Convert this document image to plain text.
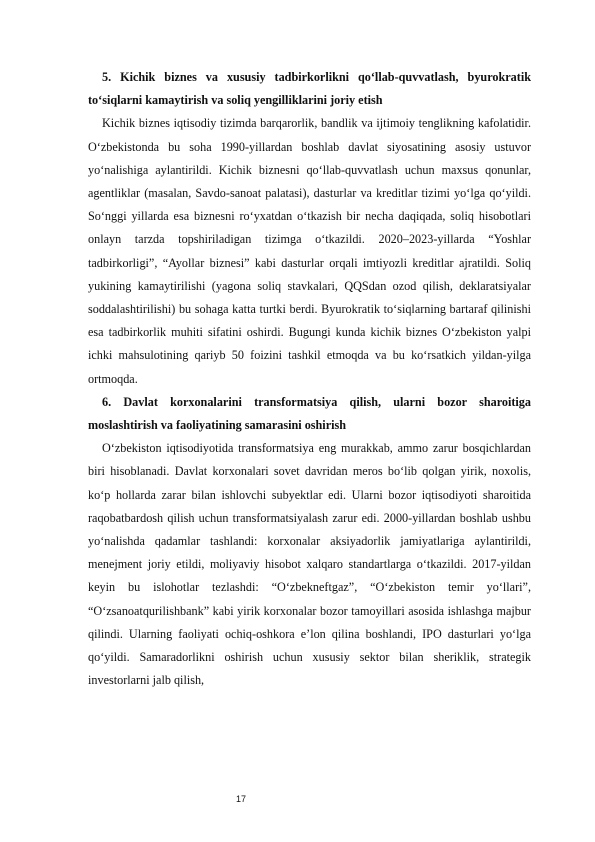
5. Kichik biznes va xususiy tadbirkorlikni qo‘llab-quvvatlash, byurokratik to‘siqlarni kamaytirish va soliq yengilliklarini joriy etish

Kichik biznes iqtisodiy tizimda barqarorlik, bandlik va ijtimoiy tenglikning kafolatidir. O‘zbekistonda bu soha 1990-yillardan boshlab davlat siyosatining asosiy ustuvor yo‘nalishiga aylantirildi. Kichik biznesni qo‘llab-quvvatlash uchun maxsus qonunlar, agentliklar (masalan, Savdo-sanoat palatasi), dasturlar va kreditlar tizimi yo‘lga qo‘yildi. So‘nggi yillarda esa biznesni ro‘yxatdan o‘tkazish bir necha daqiqada, soliq hisobotlari onlayn tarzda topshiriladigan tizimga o‘tkazildi. 2020–2023-yillarda “Yoshlar tadbirkorligi”, “Ayollar biznesi” kabi dasturlar orqali imtiyozli kreditlar ajratildi. Soliq yukining kamaytirilishi (yagona soliq stavkalari, QQSdan ozod qilish, deklaratsiyalar soddalashtirilishi) bu sohaga katta turtki berdi. Byurokratik to‘siqlarning bartaraf qilinishi esa tadbirkorlik muhiti sifatini oshirdi. Bugungi kunda kichik biznes O‘zbekiston yalpi ichki mahsulotining qariyb 50 foizini tashkil etmoqda va bu ko‘rsatkich yildan-yilga ortmoqda.

6. Davlat korxonalarini transformatsiya qilish, ularni bozor sharoitiga moslashtirish va faoliyatining samarasini oshirish

O‘zbekiston iqtisodiyotida transformatsiya eng murakkab, ammo zarur bosqichlardan biri hisoblanadi. Davlat korxonalari sovet davridan meros bo‘lib qolgan yirik, noxolis, ko‘p hollarda zarar bilan ishlovchi subyektlar edi. Ularni bozor iqtisodiyoti sharoitida raqobatbardosh qilish uchun transformatsiyalash zarur edi. 2000-yillardan boshlab ushbu yo‘nalishda qadamlar tashlandi: korxonalar aksiyadorlik jamiyatlariga aylantirildi, menejment joriy etildi, moliyaviy hisobot xalqaro standartlarga o‘tkazildi. 2017-yildan keyin bu islohotlar tezlashdi: “O‘zbekneftgaz”, “O‘zbekiston temir yo‘llari”, “O‘zsanoatqurilishbank” kabi yirik korxonalar bozor tamoyillari asosida ishlashga majbur qilindi. Ularning faoliyati ochiq-oshkora e’lon qilina boshlandi, IPO dasturlari yo‘lga qo‘yildi. Samaradorlikni oshirish uchun xususiy sektor bilan sheriklik, strategik investorlarni jalb qilish,

17
